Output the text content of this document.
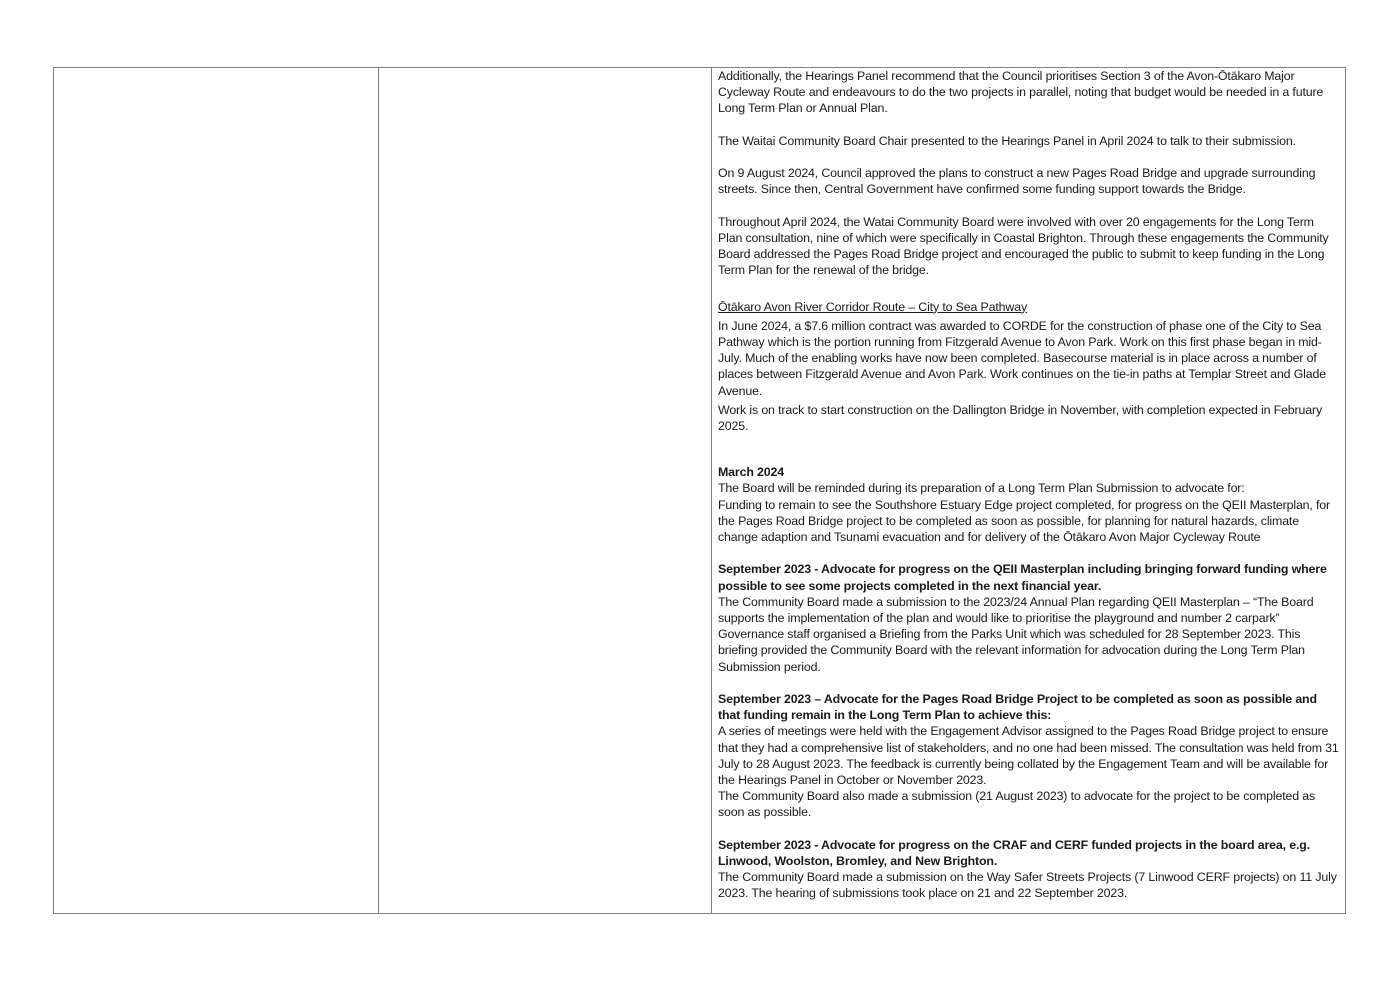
Additionally, the Hearings Panel recommend that the Council prioritises Section 3 of the Avon-Ōtākaro Major Cycleway Route and endeavours to do the two projects in parallel, noting that budget would be needed in a future Long Term Plan or Annual Plan.

The Waitai Community Board Chair presented to the Hearings Panel in April 2024 to talk to their submission.

On 9 August 2024, Council approved the plans to construct a new Pages Road Bridge and upgrade surrounding streets. Since then, Central Government have confirmed some funding support towards the Bridge.

Throughout April 2024, the Watai Community Board were involved with over 20 engagements for the Long Term Plan consultation, nine of which were specifically in Coastal Brighton. Through these engagements the Community Board addressed the Pages Road Bridge project and encouraged the public to submit to keep funding in the Long Term Plan for the renewal of the bridge.

Ōtākaro Avon River Corridor Route – City to Sea Pathway

In June 2024, a $7.6 million contract was awarded to CORDE for the construction of phase one of the City to Sea Pathway which is the portion running from Fitzgerald Avenue to Avon Park. Work on this first phase began in mid-July. Much of the enabling works have now been completed. Basecourse material is in place across a number of places between Fitzgerald Avenue and Avon Park. Work continues on the tie-in paths at Templar Street and Glade Avenue.

Work is on track to start construction on the Dallington Bridge in November, with completion expected in February 2025.

March 2024

The Board will be reminded during its preparation of a Long Term Plan Submission to advocate for:

Funding to remain to see the Southshore Estuary Edge project completed, for progress on the QEII Masterplan, for the Pages Road Bridge project to be completed as soon as possible, for planning for natural hazards, climate change adaption and Tsunami evacuation and for delivery of the Ōtākaro Avon Major Cycleway Route

September 2023 - Advocate for progress on the QEII Masterplan including bringing forward funding where possible to see some projects completed in the next financial year.

The Community Board made a submission to the 2023/24 Annual Plan regarding QEII Masterplan – “The Board supports the implementation of the plan and would like to prioritise the playground and number 2 carpark” Governance staff organised a Briefing from the Parks Unit which was scheduled for 28 September 2023. This briefing provided the Community Board with the relevant information for advocation during the Long Term Plan Submission period.

September 2023 – Advocate for the Pages Road Bridge Project to be completed as soon as possible and that funding remain in the Long Term Plan to achieve this:

A series of meetings were held with the Engagement Advisor assigned to the Pages Road Bridge project to ensure that they had a comprehensive list of stakeholders, and no one had been missed. The consultation was held from 31 July to 28 August 2023. The feedback is currently being collated by the Engagement Team and will be available for the Hearings Panel in October or November 2023.

The Community Board also made a submission (21 August 2023) to advocate for the project to be completed as soon as possible.

September 2023 - Advocate for progress on the CRAF and CERF funded projects in the board area, e.g. Linwood, Woolston, Bromley, and New Brighton.

The Community Board made a submission on the Way Safer Streets Projects (7 Linwood CERF projects) on 11 July 2023. The hearing of submissions took place on 21 and 22 September 2023.
